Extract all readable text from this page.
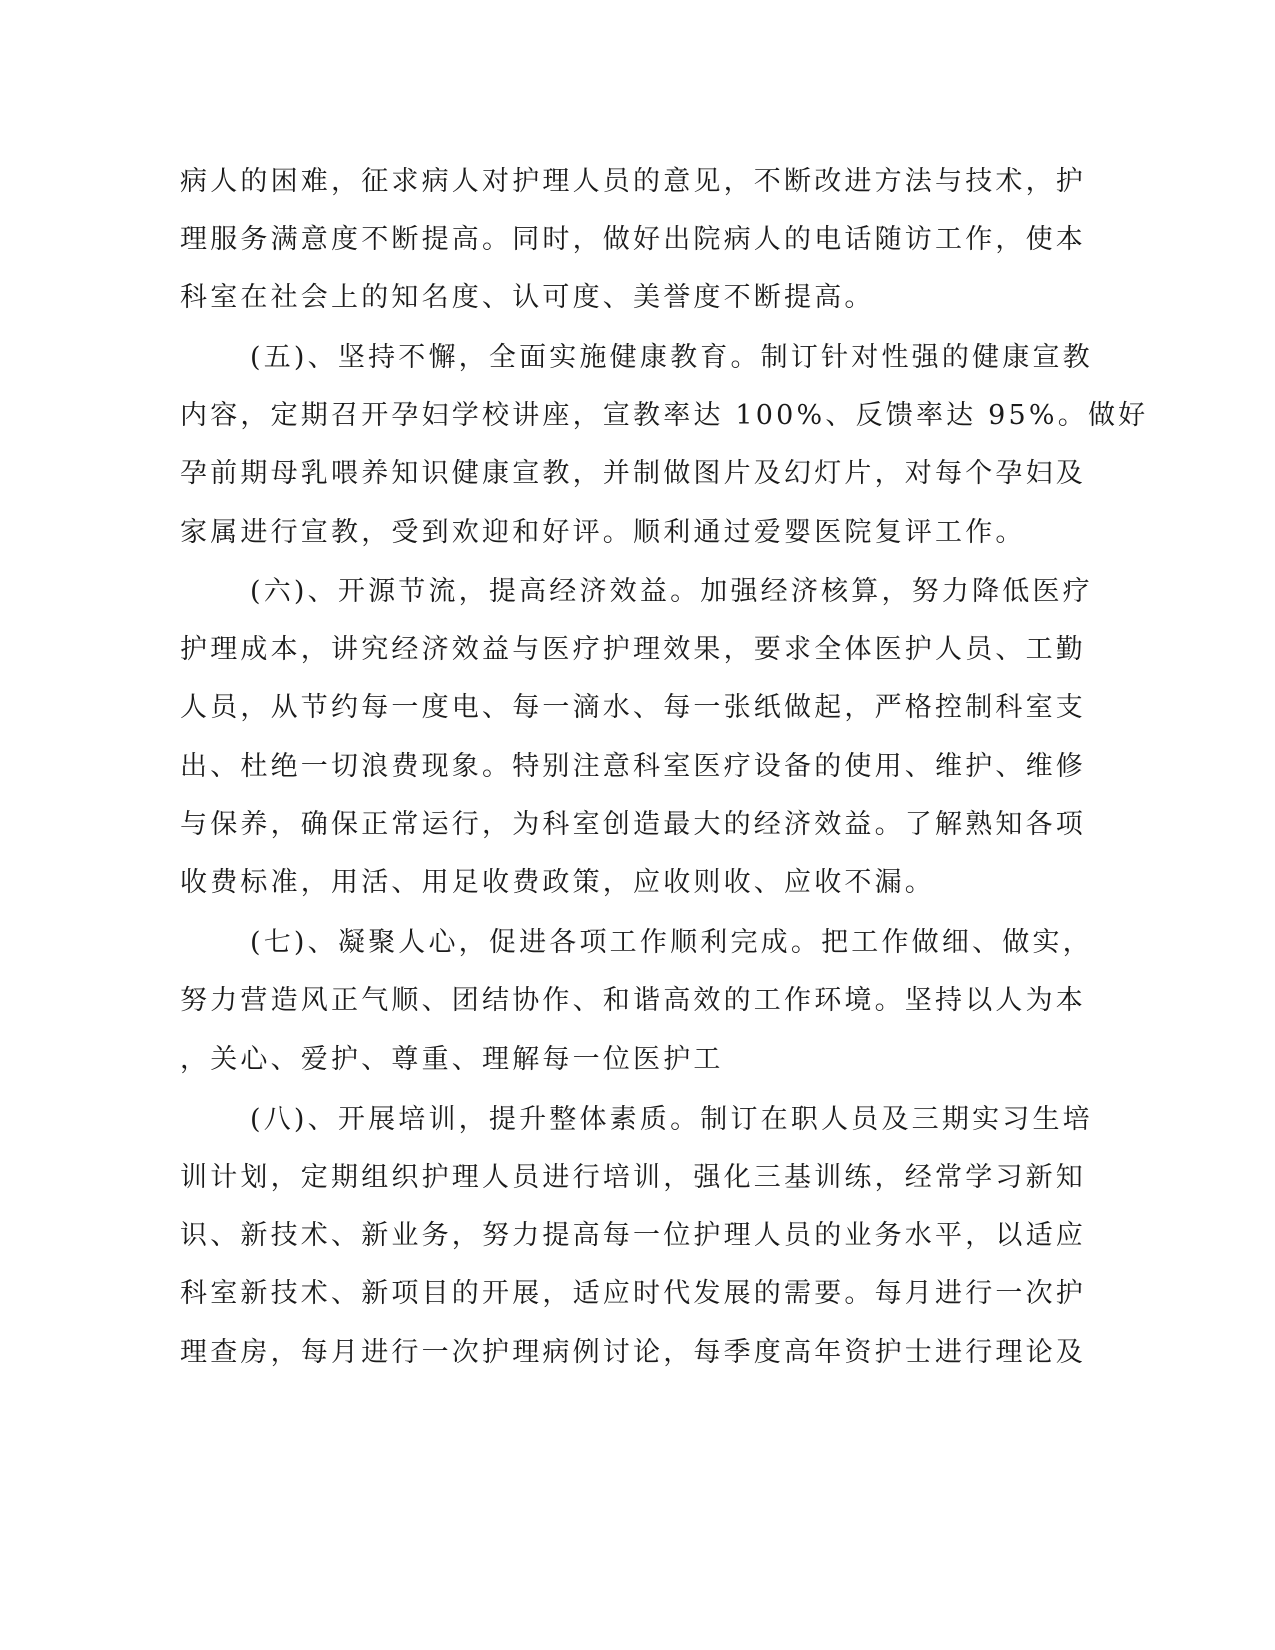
病人的困难，征求病人对护理人员的意见，不断改进方法与技术，护
理服务满意度不断提高。同时，做好出院病人的电话随访工作，使本
科室在社会上的知名度、认可度、美誉度不断提高。
(五)、坚持不懈，全面实施健康教育。制订针对性强的健康宣教
内容，定期召开孕妇学校讲座，宣教率达 100%、反馈率达 95%。做好
孕前期母乳喂养知识健康宣教，并制做图片及幻灯片，对每个孕妇及
家属进行宣教，受到欢迎和好评。顺利通过爱婴医院复评工作。
(六)、开源节流，提高经济效益。加强经济核算，努力降低医疗
护理成本，讲究经济效益与医疗护理效果，要求全体医护人员、工勤
人员，从节约每一度电、每一滴水、每一张纸做起，严格控制科室支
出、杜绝一切浪费现象。特别注意科室医疗设备的使用、维护、维修
与保养，确保正常运行，为科室创造最大的经济效益。了解熟知各项
收费标准，用活、用足收费政策，应收则收、应收不漏。
(七)、凝聚人心，促进各项工作顺利完成。把工作做细、做实，
努力营造风正气顺、团结协作、和谐高效的工作环境。坚持以人为本
，关心、爱护、尊重、理解每一位医护工
(八)、开展培训，提升整体素质。制订在职人员及三期实习生培
训计划，定期组织护理人员进行培训，强化三基训练，经常学习新知
识、新技术、新业务，努力提高每一位护理人员的业务水平，以适应
科室新技术、新项目的开展，适应时代发展的需要。每月进行一次护
理查房，每月进行一次护理病例讨论，每季度高年资护士进行理论及
